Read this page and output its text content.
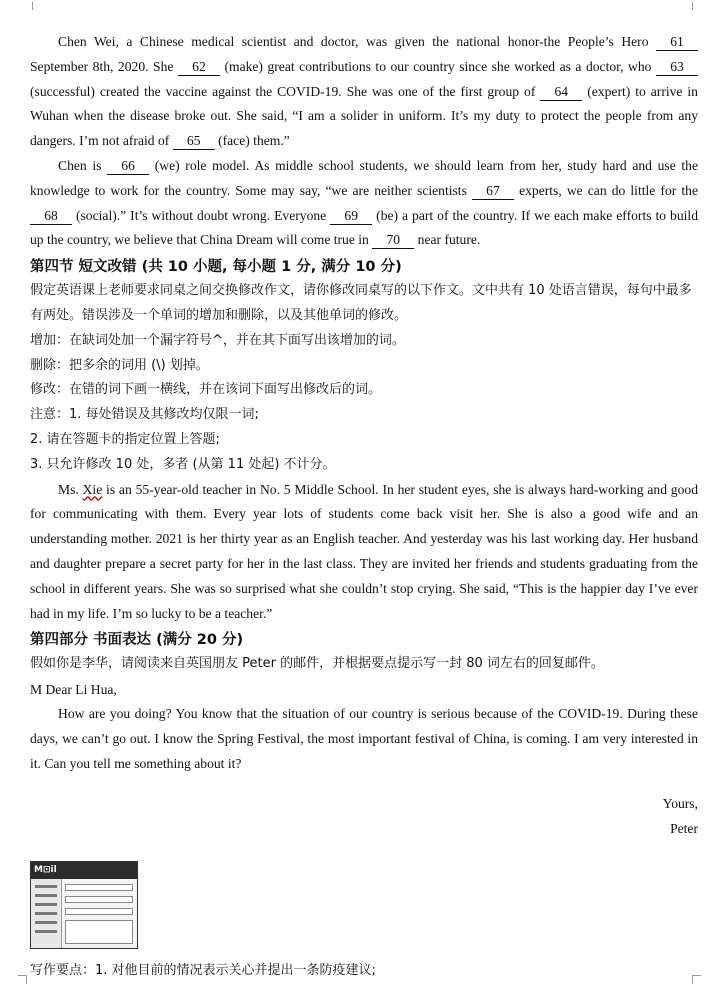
Chen Wei, a Chinese medical scientist and doctor, was given the national honor-the People’s Hero 61 September 8th, 2020. She 62 (make) great contributions to our country since she worked as a doctor, who 63 (successful) created the vaccine against the COVID-19. She was one of the first group of 64 (expert) to arrive in Wuhan when the disease broke out. She said, “I am a solider in uniform. It’s my duty to protect the people from any dangers. I’m not afraid of 65 (face) them.”

Chen is 66 (we) role model. As middle school students, we should learn from her, study hard and use the knowledge to work for the country. Some may say, “we are neither scientists 67 experts, we can do little for the 68 (social).” It’s without doubt wrong. Everyone 69 (be) a part of the country. If we each make efforts to build up the country, we believe that China Dream will come true in 70 near future.

第四节 短文改错 (共 10 小题, 每小题 1 分, 满分 10 分)

假定英语课上老师要求同桌之间交换修改作文，请你修改同桌写的以下作文。文中共有 10 处语言错误，每句中最多有两处。错误涉及一个单词的增加和删除，以及其他单词的修改。

增加：在缺词处加一个漏字符号^，并在其下面写出该增加的词。

删除：把多余的词用 (\) 划掉。

修改：在错的词下画一横线，并在该词下面写出修改后的词。

注意：1. 每处错误及其修改均仅限一词;

2. 请在答题卡的指定位置上答题;

3. 只允许修改 10 处，多者 (从第 11 处起) 不计分。

Ms. Xie is an 55-year-old teacher in No. 5 Middle School. In her student eyes, she is always hard-working and good for communicating with them. Every year lots of students come back visit her. She is also a good wife and an understanding mother. 2021 is her thirty year as an English teacher. And yesterday was his last working day. Her husband and daughter prepare a secret party for her in the last class. They are invited her friends and students graduating from the school in different years. She was so surprised what she couldn’t stop crying. She said, “This is the happier day I’ve ever had in my life. I’m so lucky to be a teacher.”

第四部分 书面表达 (满分 20 分)

假如你是李华，请阅读来自英国朋友 Peter 的邮件，并根据要点提示写一封 80 词左右的回复邮件。

M Dear Li Hua,

How are you doing? You know that the situation of our country is serious because of the COVID-19. During these days, we can’t go out. I know the Spring Festival, the most important festival of China, is coming. I am very interested in it. Can you tell me something about it?

Yours,

Peter

M⊡il

写作要点：1. 对他目前的情况表示关心并提出一条防疫建议;
